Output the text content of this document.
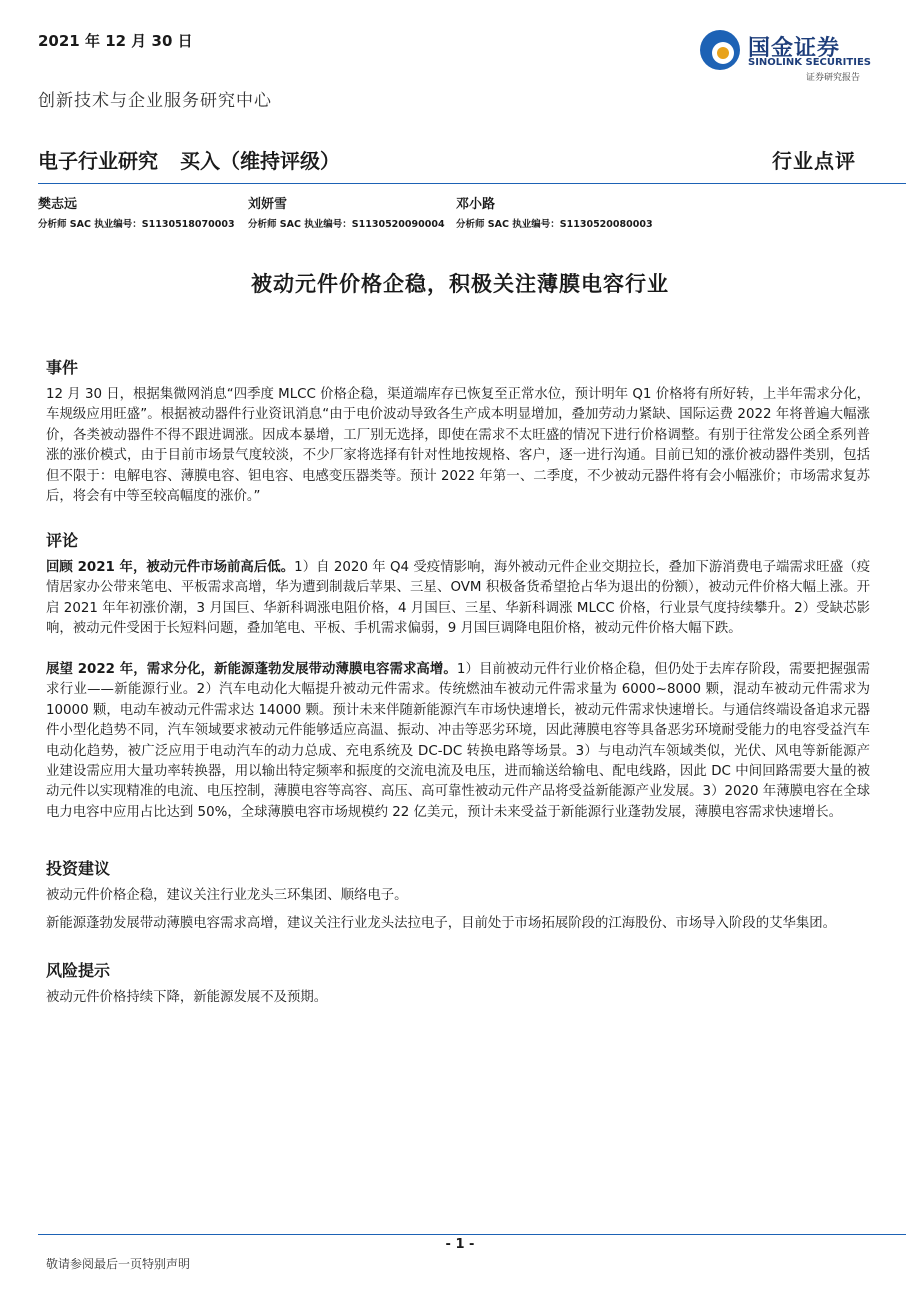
2021 年 12 月 30 日
创新技术与企业服务研究中心
国金证券
SINOLINK SECURITIES
证券研究报告
电子行业研究 买入（维持评级）	行业点评
樊志远
分析师 SAC 执业编号：S1130518070003
刘妍雪
分析师 SAC 执业编号：S1130520090004
邓小路
分析师 SAC 执业编号：S1130520080003
被动元件价格企稳，积极关注薄膜电容行业
事件
12 月 30 日，根据集微网消息“四季度 MLCC 价格企稳，渠道端库存已恢复至正常水位，预计明年 Q1 价格将有所好转，上半年需求分化，车规级应用旺盛”。根据被动器件行业资讯消息“由于电价波动导致各生产成本明显增加，叠加劳动力紧缺、国际运费 2022 年将普遍大幅涨价，各类被动器件不得不跟进调涨。因成本暴增，工厂别无选择，即使在需求不太旺盛的情况下进行价格调整。有别于往常发公函全系列普涨的涨价模式，由于目前市场景气度较淡，不少厂家将选择有针对性地按规格、客户，逐一进行沟通。目前已知的涨价被动器件类别，包括但不限于：电解电容、薄膜电容、钽电容、电感变压器类等。预计 2022 年第一、二季度，不少被动元器件将有会小幅涨价；市场需求复苏后，将会有中等至较高幅度的涨价。”
评论
回顾 2021 年，被动元件市场前高后低。1）自 2020 年 Q4 受疫情影响，海外被动元件企业交期拉长，叠加下游消费电子端需求旺盛（疫情居家办公带来笔电、平板需求高增，华为遭到制裁后苹果、三星、OVM 积极备货希望抢占华为退出的份额），被动元件价格大幅上涨。开启 2021 年年初涨价潮，3 月国巨、华新科调涨电阻价格，4 月国巨、三星、华新科调涨 MLCC 价格，行业景气度持续攀升。2）受缺芯影响，被动元件受困于长短料问题，叠加笔电、平板、手机需求偏弱，9 月国巨调降电阻价格，被动元件价格大幅下跌。
展望 2022 年，需求分化，新能源蓬勃发展带动薄膜电容需求高增。1）目前被动元件行业价格企稳，但仍处于去库存阶段，需要把握强需求行业——新能源行业。2）汽车电动化大幅提升被动元件需求。传统燃油车被动元件需求量为 6000~8000 颗，混动车被动元件需求为 10000 颗，电动车被动元件需求达 14000 颗。预计未来伴随新能源汽车市场快速增长，被动元件需求快速增长。与通信终端设备追求元器件小型化趋势不同，汽车领域要求被动元件能够适应高温、振动、冲击等恶劣环境，因此薄膜电容等具备恶劣环境耐受能力的电容受益汽车电动化趋势，被广泛应用于电动汽车的动力总成、充电系统及 DC-DC 转换电路等场景。3）与电动汽车领域类似，光伏、风电等新能源产业建设需应用大量功率转换器，用以输出特定频率和振度的交流电流及电压，进而输送给输电、配电线路，因此 DC 中间回路需要大量的被动元件以实现精准的电流、电压控制，薄膜电容等高容、高压、高可靠性被动元件产品将受益新能源产业发展。3）2020 年薄膜电容在全球电力电容中应用占比达到 50%，全球薄膜电容市场规模约 22 亿美元，预计未来受益于新能源行业蓬勃发展，薄膜电容需求快速增长。
投资建议
被动元件价格企稳，建议关注行业龙头三环集团、顺络电子。
新能源蓬勃发展带动薄膜电容需求高增，建议关注行业龙头法拉电子，目前处于市场拓展阶段的江海股份、市场导入阶段的艾华集团。
风险提示
被动元件价格持续下降，新能源发展不及预期。
- 1 -
敬请参阅最后一页特别声明
